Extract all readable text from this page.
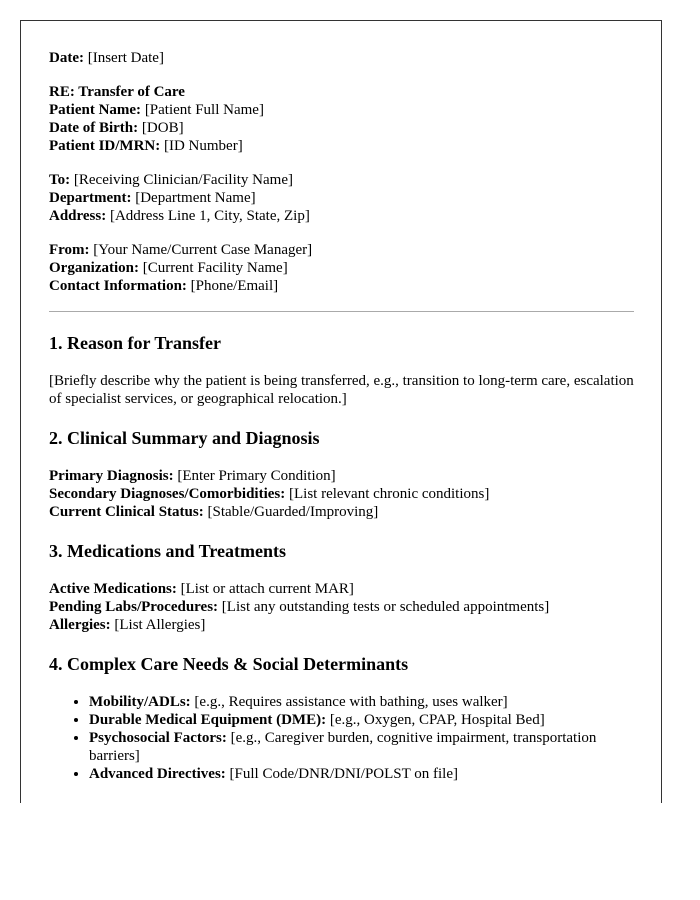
Date: [Insert Date]
RE: Transfer of Care
Patient Name: [Patient Full Name]
Date of Birth: [DOB]
Patient ID/MRN: [ID Number]
To: [Receiving Clinician/Facility Name]
Department: [Department Name]
Address: [Address Line 1, City, State, Zip]
From: [Your Name/Current Case Manager]
Organization: [Current Facility Name]
Contact Information: [Phone/Email]
1. Reason for Transfer

[Briefly describe why the patient is being transferred, e.g., transition to long-term care, escalation of specialist services, or geographical relocation.]

2. Clinical Summary and Diagnosis

Primary Diagnosis: [Enter Primary Condition]
Secondary Diagnoses/Comorbidities: [List relevant chronic conditions]
Current Clinical Status: [Stable/Guarded/Improving]

3. Medications and Treatments

Active Medications: [List or attach current MAR]
Pending Labs/Procedures: [List any outstanding tests or scheduled appointments]
Allergies: [List Allergies]

4. Complex Care Needs & Social Determinants
• Mobility/ADLs: [e.g., Requires assistance with bathing, uses walker]
• Durable Medical Equipment (DME): [e.g., Oxygen, CPAP, Hospital Bed]
• Psychosocial Factors: [e.g., Caregiver burden, cognitive impairment, transportation barriers]
• Advanced Directives: [Full Code/DNR/DNI/POLST on file]
